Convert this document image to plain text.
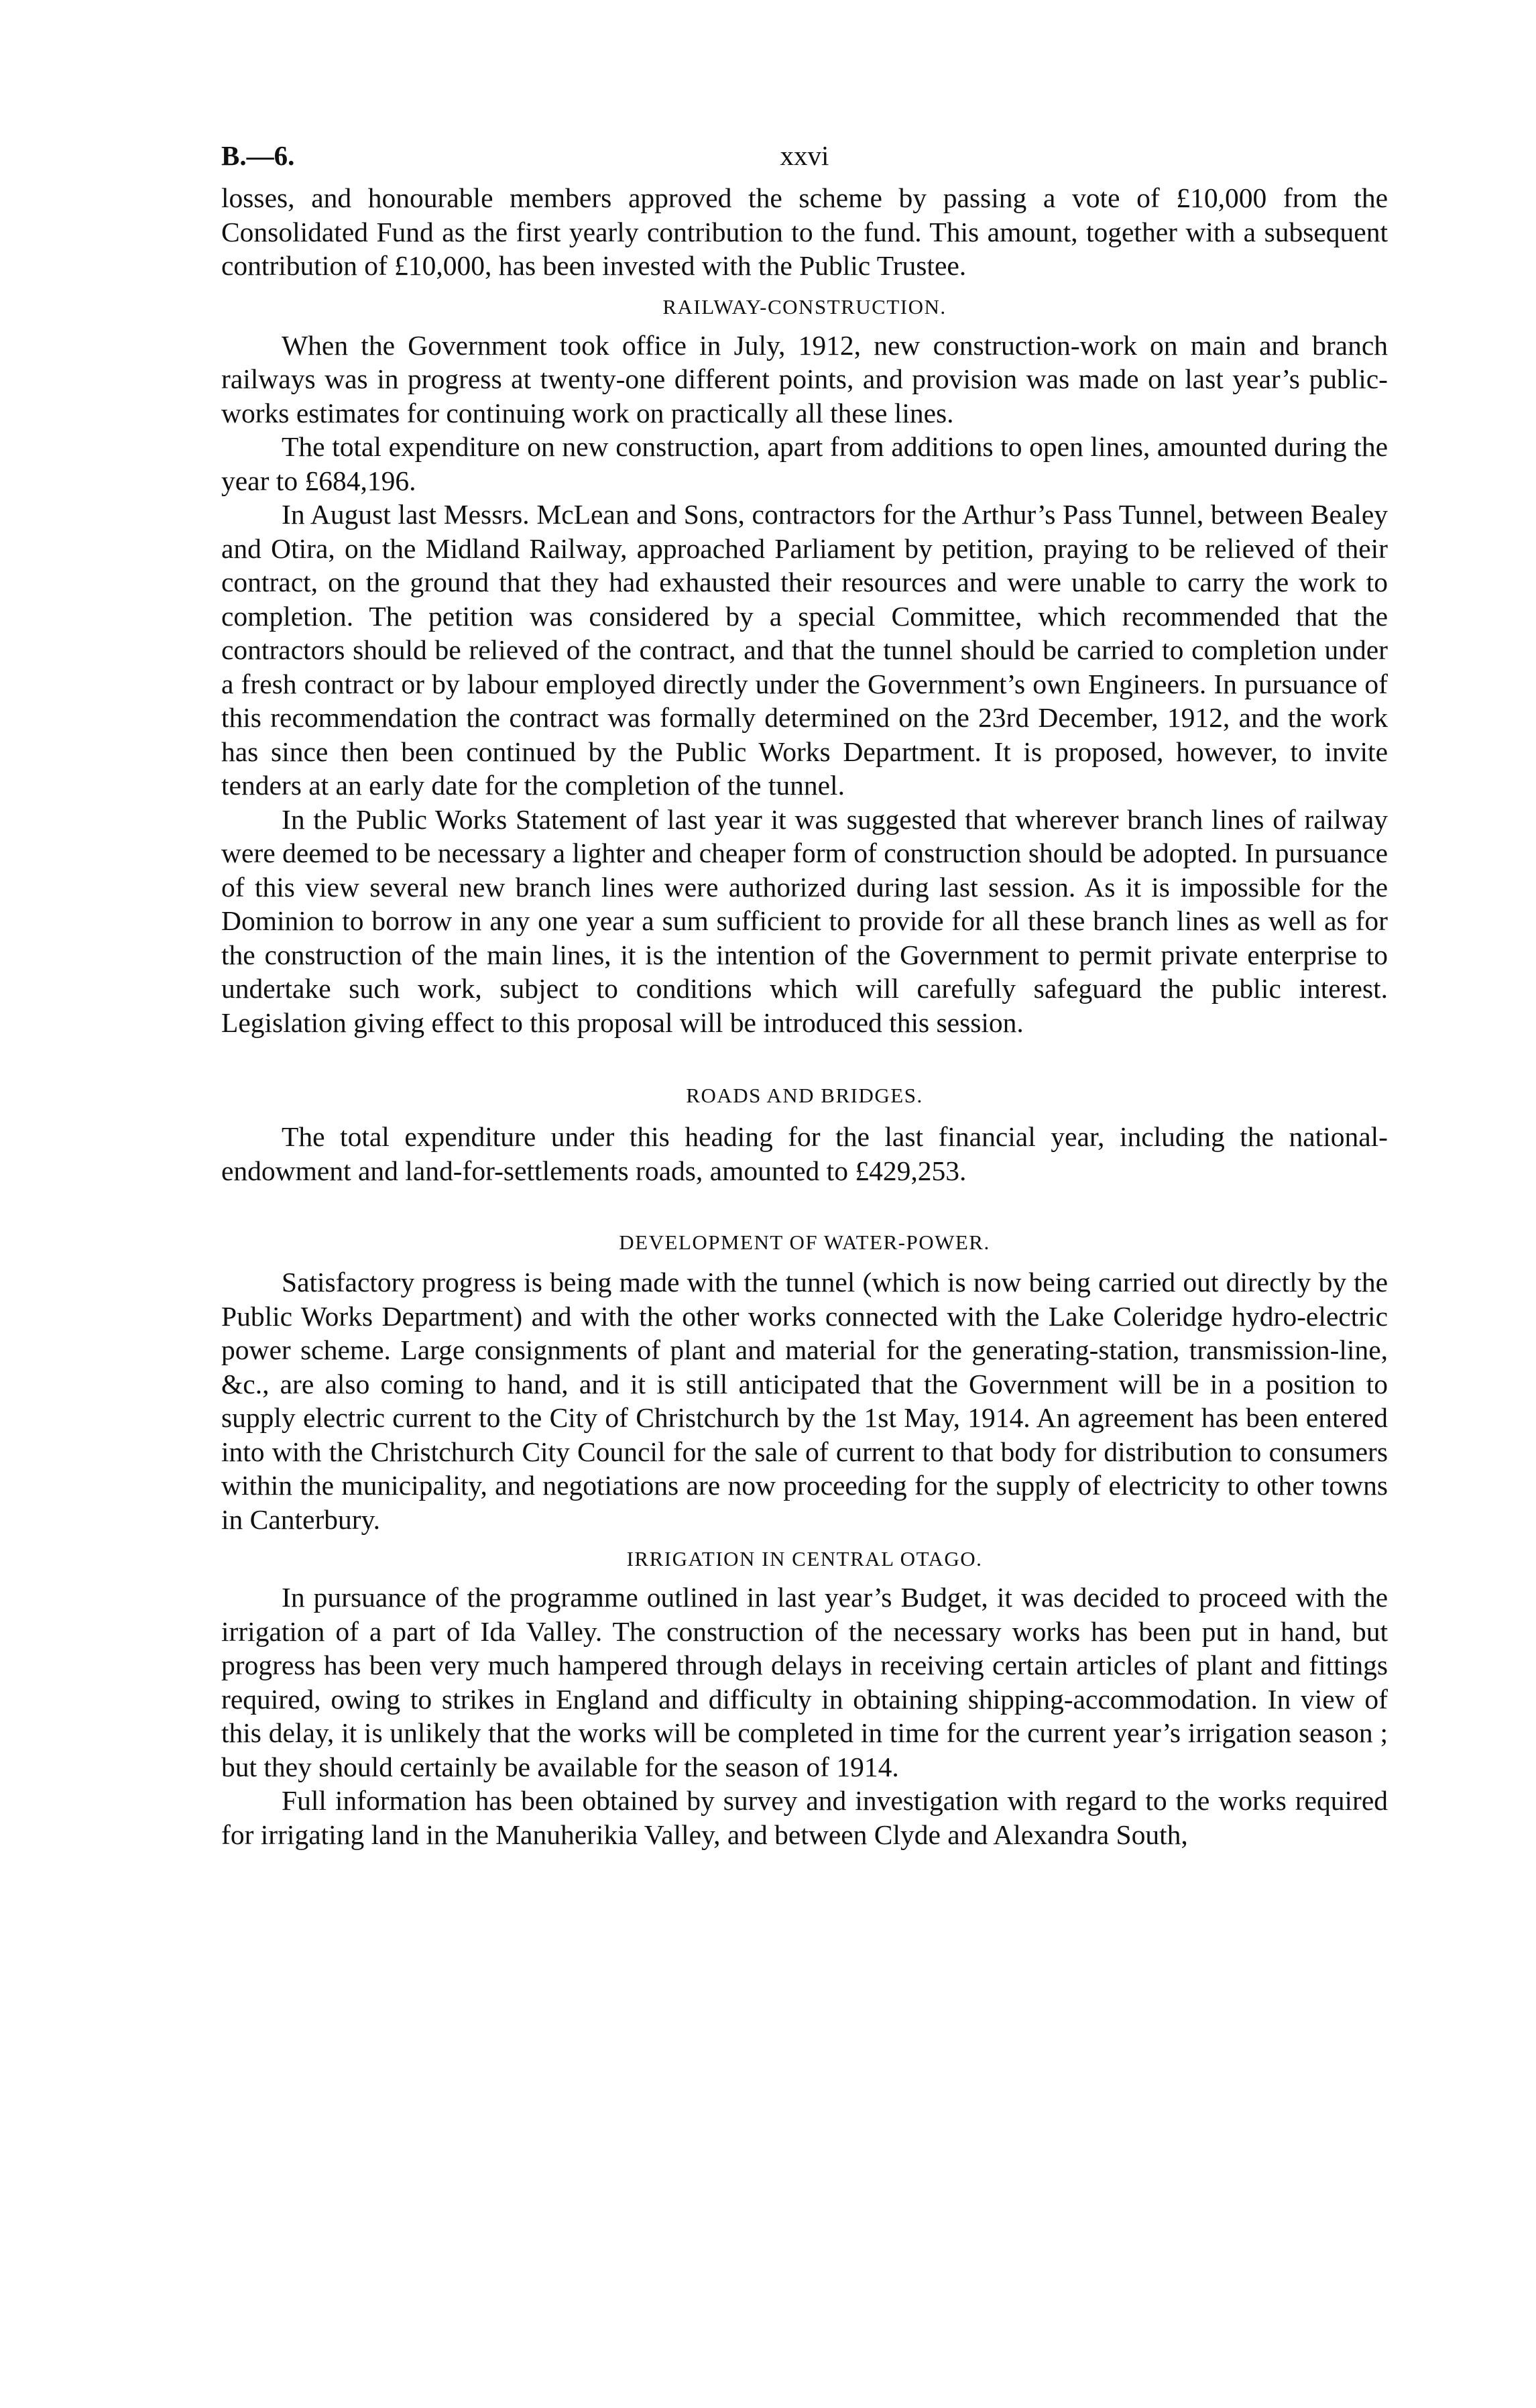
B.—6.	xxvi

losses, and honourable members approved the scheme by passing a vote of £10,000 from the Consolidated Fund as the first yearly contribution to the fund. This amount, together with a subsequent contribution of £10,000, has been invested with the Public Trustee.

RAILWAY-CONSTRUCTION.

When the Government took office in July, 1912, new construction-work on main and branch railways was in progress at twenty-one different points, and provision was made on last year’s public-works estimates for continuing work on practically all these lines.

The total expenditure on new construction, apart from additions to open lines, amounted during the year to £684,196.

In August last Messrs. McLean and Sons, contractors for the Arthur’s Pass Tunnel, between Bealey and Otira, on the Midland Railway, approached Parliament by petition, praying to be relieved of their contract, on the ground that they had exhausted their resources and were unable to carry the work to completion. The petition was considered by a special Committee, which recommended that the contractors should be relieved of the contract, and that the tunnel should be carried to completion under a fresh contract or by labour employed directly under the Government’s own Engineers. In pursuance of this recommendation the contract was formally determined on the 23rd December, 1912, and the work has since then been continued by the Public Works Department. It is proposed, however, to invite tenders at an early date for the completion of the tunnel.

In the Public Works Statement of last year it was suggested that wherever branch lines of railway were deemed to be necessary a lighter and cheaper form of construction should be adopted. In pursuance of this view several new branch lines were authorized during last session. As it is impossible for the Dominion to borrow in any one year a sum sufficient to provide for all these branch lines as well as for the construction of the main lines, it is the intention of the Government to permit private enterprise to undertake such work, subject to conditions which will carefully safeguard the public interest. Legislation giving effect to this proposal will be introduced this session.

ROADS AND BRIDGES.

The total expenditure under this heading for the last financial year, including the national-endowment and land-for-settlements roads, amounted to £429,253.

DEVELOPMENT OF WATER-POWER.

Satisfactory progress is being made with the tunnel (which is now being carried out directly by the Public Works Department) and with the other works connected with the Lake Coleridge hydro-electric power scheme. Large consignments of plant and material for the generating-station, transmission-line, &c., are also coming to hand, and it is still anticipated that the Government will be in a position to supply electric current to the City of Christchurch by the 1st May, 1914. An agreement has been entered into with the Christchurch City Council for the sale of current to that body for distribution to consumers within the municipality, and negotiations are now proceeding for the supply of electricity to other towns in Canterbury.

IRRIGATION IN CENTRAL OTAGO.

In pursuance of the programme outlined in last year’s Budget, it was decided to proceed with the irrigation of a part of Ida Valley. The construction of the necessary works has been put in hand, but progress has been very much hampered through delays in receiving certain articles of plant and fittings required, owing to strikes in England and difficulty in obtaining shipping-accommodation. In view of this delay, it is unlikely that the works will be completed in time for the current year’s irrigation season ; but they should certainly be available for the season of 1914.

Full information has been obtained by survey and investigation with regard to the works required for irrigating land in the Manuherikia Valley, and between Clyde and Alexandra South,
